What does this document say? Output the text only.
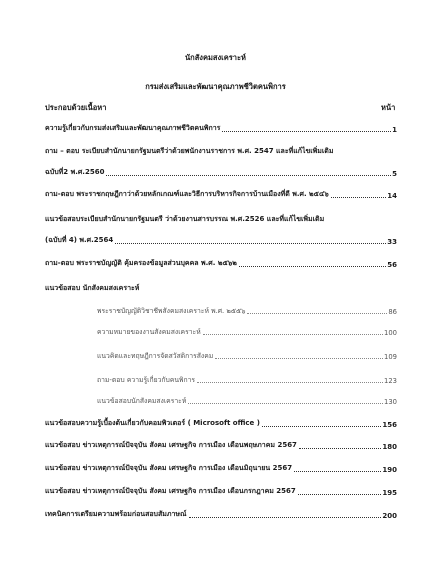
นักสังคมสงเคราะห์
กรมส่งเสริมและพัฒนาคุณภาพชีวิตคนพิการ
ประกอบด้วยเนื้อหา	หน้า
ความรู้เกี่ยวกับกรมส่งเสริมและพัฒนาคุณภาพชีวิตคนพิการ	1
ถาม – ตอบ ระเบียบสำนักนายกรัฐมนตรีว่าด้วยพนักงานราชการ พ.ศ. 2547 และที่แก้ไขเพิ่มเติม
ฉบับที่2 พ.ศ.2560	5
ถาม-ตอบ พระราชกฤษฎีกาว่าด้วยหลักเกณฑ์และวิธีการบริหารกิจการบ้านเมืองที่ดี พ.ศ. ๒๕๔๖	14
แนวข้อสอบระเบียบสำนักนายกรัฐมนตรี ว่าด้วยงานสารบรรณ พ.ศ.2526 และที่แก้ไขเพิ่มเติม
(ฉบับที่ 4) พ.ศ.2564	33
ถาม-ตอบ พระราชบัญญัติ คุ้มครองข้อมูลส่วนบุคคล พ.ศ. ๒๕๖๒	56
แนวข้อสอบ นักสังคมสงเคราะห์
พระราชบัญญัติวิชาชีพสังคมสงเคราะห์ พ.ศ. ๒๕๕๖	86
ความหมายของงานสังคมสงเคราะห์	100
แนวคิดและทฤษฎีการจัดสวัสดิการสังคม	109
ถาม-ตอบ ความรู้เกี่ยวกับคนพิการ	123
แนวข้อสอบนักสังคมสงเคราะห์	130
แนวข้อสอบความรู้เบื้องต้นเกี่ยวกับคอมพิวเตอร์ ( Microsoft office )	156
แนวข้อสอบ ข่าวเหตุการณ์ปัจจุบัน สังคม เศรษฐกิจ การเมือง เดือนพฤษภาคม 2567	180
แนวข้อสอบ ข่าวเหตุการณ์ปัจจุบัน สังคม เศรษฐกิจ การเมือง เดือนมิถุนายน 2567	190
แนวข้อสอบ ข่าวเหตุการณ์ปัจจุบัน สังคม เศรษฐกิจ การเมือง เดือนกรกฎาคม 2567	195
เทคนิคการเตรียมความพร้อมก่อนสอบสัมภาษณ์	200
